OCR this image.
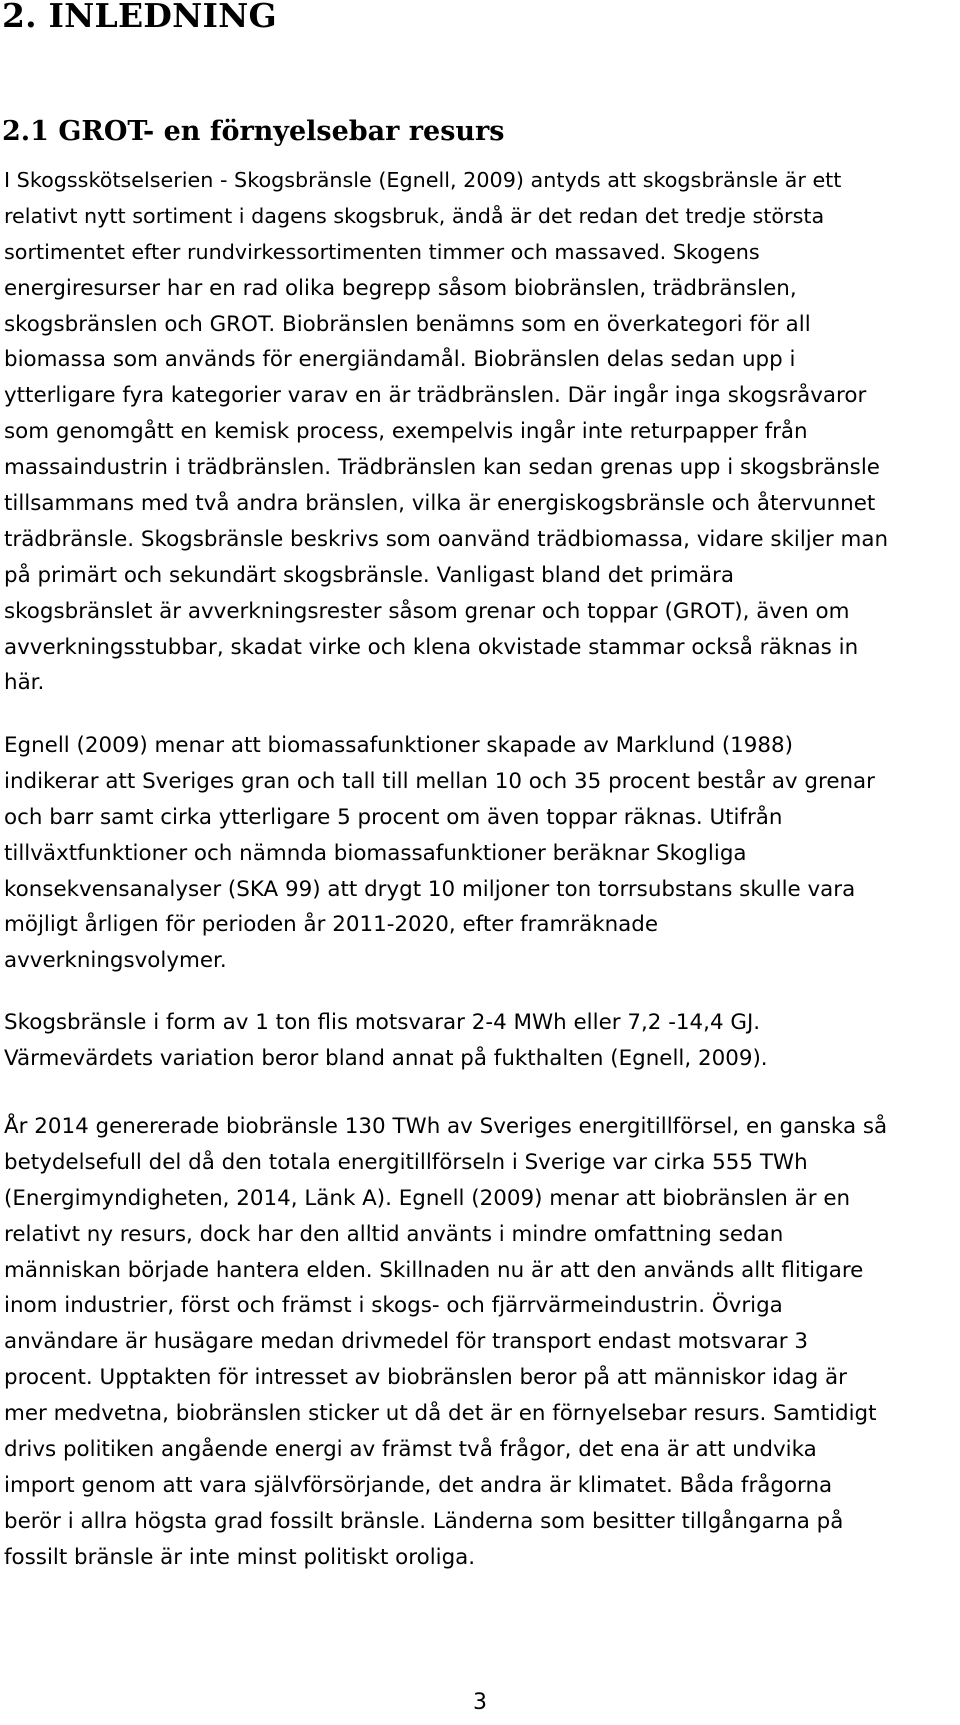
2. INLEDNING
2.1 GROT- en förnyelsebar resurs
I Skogsskötselserien - Skogsbränsle (Egnell, 2009) antyds att skogsbränsle är ett
relativt nytt sortiment i dagens skogsbruk, ändå är det redan det tredje största
sortimentet efter rundvirkessortimenten timmer och massaved. Skogens
energiresurser har en rad olika begrepp såsom biobränslen, trädbränslen,
skogsbränslen och GROT. Biobränslen benämns som en överkategori för all
biomassa som används för energiändamål. Biobränslen delas sedan upp i
ytterligare fyra kategorier varav en är trädbränslen. Där ingår inga skogsråvaror
som genomgått en kemisk process, exempelvis ingår inte returpapper från
massaindustrin i trädbränslen. Trädbränslen kan sedan grenas upp i skogsbränsle
tillsammans med två andra bränslen, vilka är energiskogsbränsle och återvunnet
trädbränsle. Skogsbränsle beskrivs som oanvänd trädbiomassa, vidare skiljer man
på primärt och sekundärt skogsbränsle. Vanligast bland det primära
skogsbränslet är avverkningsrester såsom grenar och toppar (GROT), även om
avverkningsstubbar, skadat virke och klena okvistade stammar också räknas in
här.
Egnell (2009) menar att biomassafunktioner skapade av Marklund (1988)
indikerar att Sveriges gran och tall till mellan 10 och 35 procent består av grenar
och barr samt cirka ytterligare 5 procent om även toppar räknas. Utifrån
tillväxtfunktioner och nämnda biomassafunktioner beräknar Skogliga
konsekvensanalyser (SKA 99) att drygt 10 miljoner ton torrsubstans skulle vara
möjligt årligen för perioden år 2011-2020, efter framräknade
avverkningsvolymer.
Skogsbränsle i form av 1 ton flis motsvarar 2-4 MWh eller 7,2 -14,4 GJ.
Värmevärdets variation beror bland annat på fukthalten (Egnell, 2009).
År 2014 genererade biobränsle 130 TWh av Sveriges energitillförsel, en ganska så
betydelsefull del då den totala energitillförseln i Sverige var cirka 555 TWh
(Energimyndigheten, 2014, Länk A). Egnell (2009) menar att biobränslen är en
relativt ny resurs, dock har den alltid använts i mindre omfattning sedan
människan började hantera elden. Skillnaden nu är att den används allt flitigare
inom industrier, först och främst i skogs- och fjärrvärmeindustrin. Övriga
användare är husägare medan drivmedel för transport endast motsvarar 3
procent. Upptakten för intresset av biobränslen beror på att människor idag är
mer medvetna, biobränslen sticker ut då det är en förnyelsebar resurs. Samtidigt
drivs politiken angående energi av främst två frågor, det ena är att undvika
import genom att vara självförsörjande, det andra är klimatet. Båda frågorna
berör i allra högsta grad fossilt bränsle. Länderna som besitter tillgångarna på
fossilt bränsle är inte minst politiskt oroliga.

3
